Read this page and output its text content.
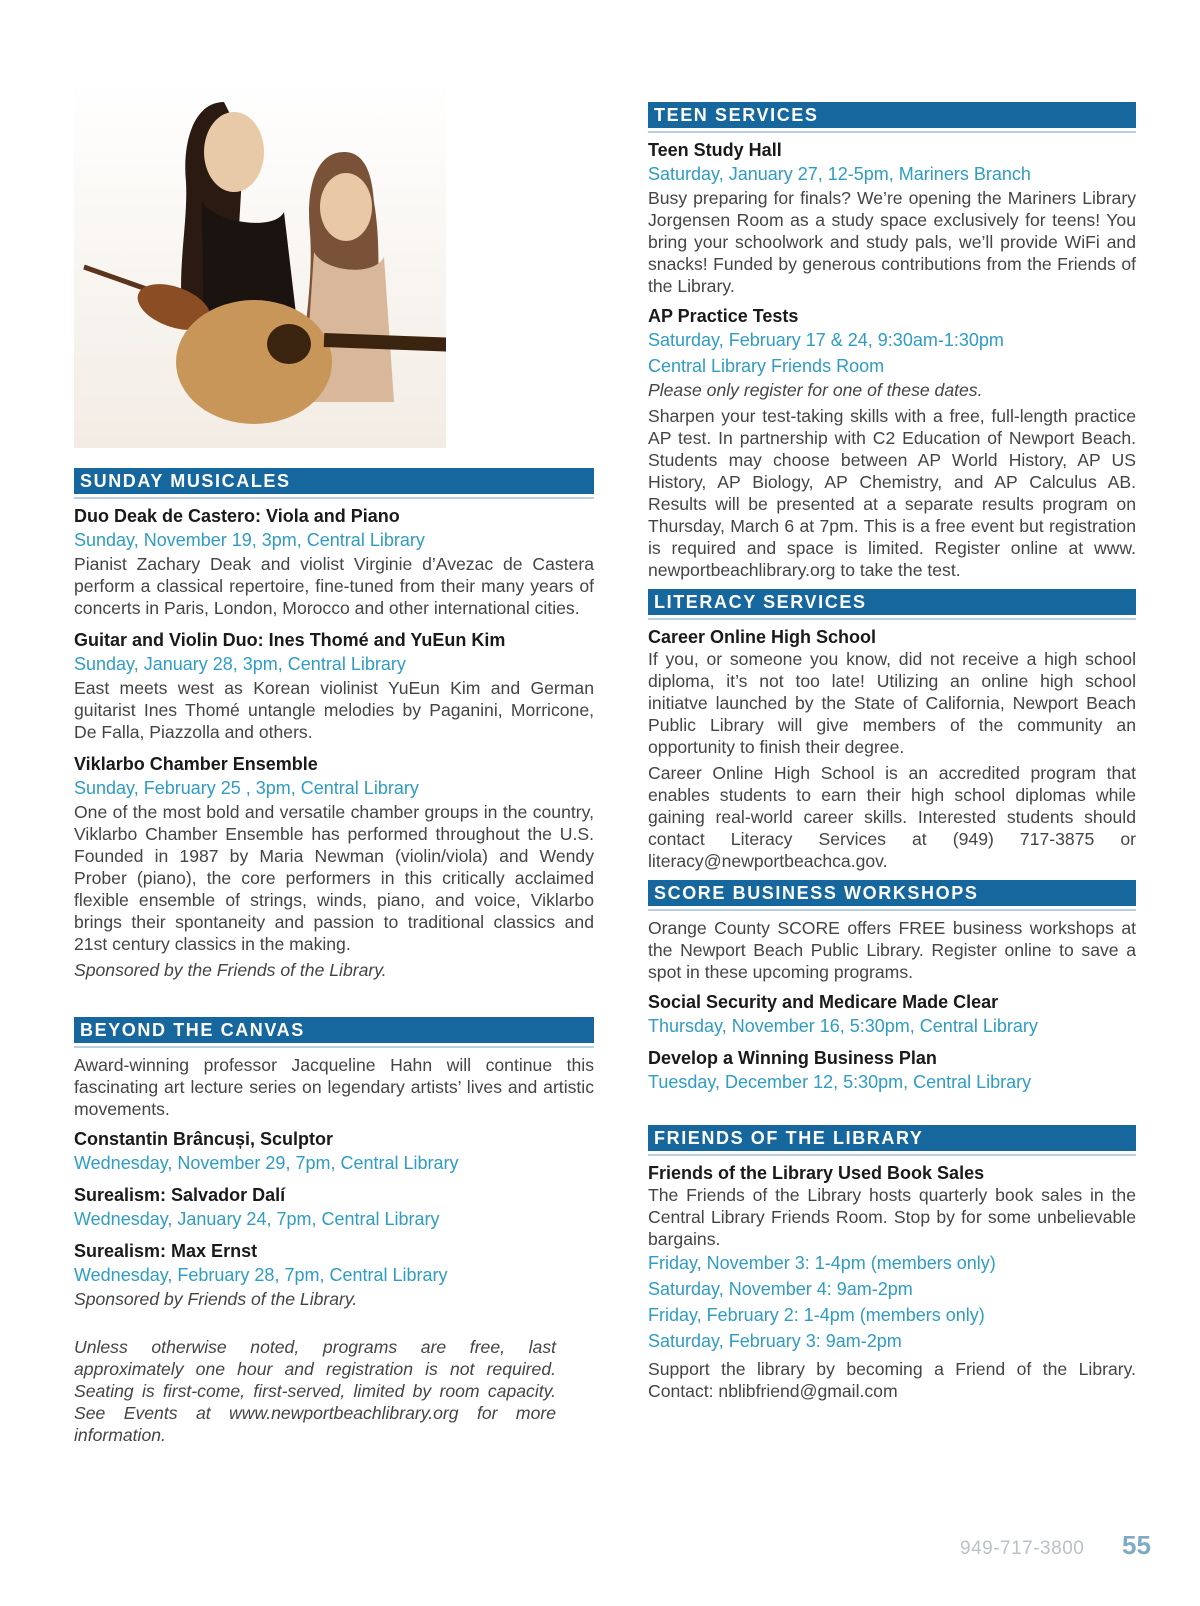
SUNDAY MUSICALES

Duo Deak de Castero: Viola and Piano

Sunday, November 19, 3pm, Central Library

Pianist Zachary Deak and violist Virginie d’Avezac de Castera perform a classical repertoire, fine-tuned from their many years of concerts in Paris, London, Morocco and other international cities.

Guitar and Violin Duo: Ines Thomé and YuEun Kim

Sunday, January 28, 3pm, Central Library

East meets west as Korean violinist YuEun Kim and German guitarist Ines Thomé untangle melodies by Paganini, Morricone, De Falla, Piazzolla and others.

Viklarbo Chamber Ensemble

Sunday, February 25 , 3pm, Central Library

One of the most bold and versatile chamber groups in the country, Viklarbo Chamber Ensemble has performed throughout the U.S. Founded in 1987 by Maria Newman (violin/viola) and Wendy Prober (piano), the core performers in this critically acclaimed flexible ensemble of strings, winds, piano, and voice, Viklarbo brings their spontaneity and passion to traditional classics and 21st century classics in the making.

Sponsored by the Friends of the Library.

BEYOND THE CANVAS

Award-winning professor Jacqueline Hahn will continue this fascinating art lecture series on legendary artists’ lives and artistic movements.

Constantin Brâncuși, Sculptor

Wednesday, November 29, 7pm, Central Library

Surealism: Salvador Dalí

Wednesday, January 24, 7pm, Central Library

Surealism: Max Ernst

Wednesday, February 28, 7pm, Central Library

Sponsored by Friends of the Library.

Unless otherwise noted, programs are free, last approximately one hour and registration is not required. Seating is first-come, first-served, limited by room capacity. See Events at www.newportbeachlibrary.org for more information.

TEEN SERVICES

Teen Study Hall

Saturday, January 27, 12-5pm, Mariners Branch

Busy preparing for finals? We’re opening the Mariners Library Jorgensen Room as a study space exclusively for teens! You bring your schoolwork and study pals, we’ll provide WiFi and snacks! Funded by generous contributions from the Friends of the Library.

AP Practice Tests

Saturday, February 17 & 24, 9:30am-1:30pm

Central Library Friends Room

Please only register for one of these dates.

Sharpen your test-taking skills with a free, full-length practice AP test. In partnership with C2 Education of Newport Beach. Students may choose between AP World History, AP US History, AP Biology, AP Chemistry, and AP Calculus AB. Results will be presented at a separate results program on Thursday, March 6 at 7pm. This is a free event but registration is required and space is limited. Register online at www. newportbeachlibrary.org to take the test.

LITERACY SERVICES

Career Online High School

If you, or someone you know, did not receive a high school diploma, it’s not too late! Utilizing an online high school initiatve launched by the State of California, Newport Beach Public Library will give members of the community an opportunity to finish their degree.

Career Online High School is an accredited program that enables students to earn their high school diplomas while gaining real-world career skills. Interested students should contact Literacy Services at (949) 717-3875 or literacy@newportbeachca.gov.

SCORE BUSINESS WORKSHOPS

Orange County SCORE offers FREE business workshops at the Newport Beach Public Library. Register online to save a spot in these upcoming programs.

Social Security and Medicare Made Clear

Thursday, November 16, 5:30pm, Central Library

Develop a Winning Business Plan

Tuesday, December 12, 5:30pm, Central Library

FRIENDS OF THE LIBRARY

Friends of the Library Used Book Sales

The Friends of the Library hosts quarterly book sales in the Central Library Friends Room. Stop by for some unbelievable bargains.

Friday, November 3: 1-4pm (members only)

Saturday, November 4: 9am-2pm

Friday, February 2: 1-4pm (members only)

Saturday, February 3: 9am-2pm

Support the library by becoming a Friend of the Library. Contact: nblibfriend@gmail.com

949-717-3800 55
